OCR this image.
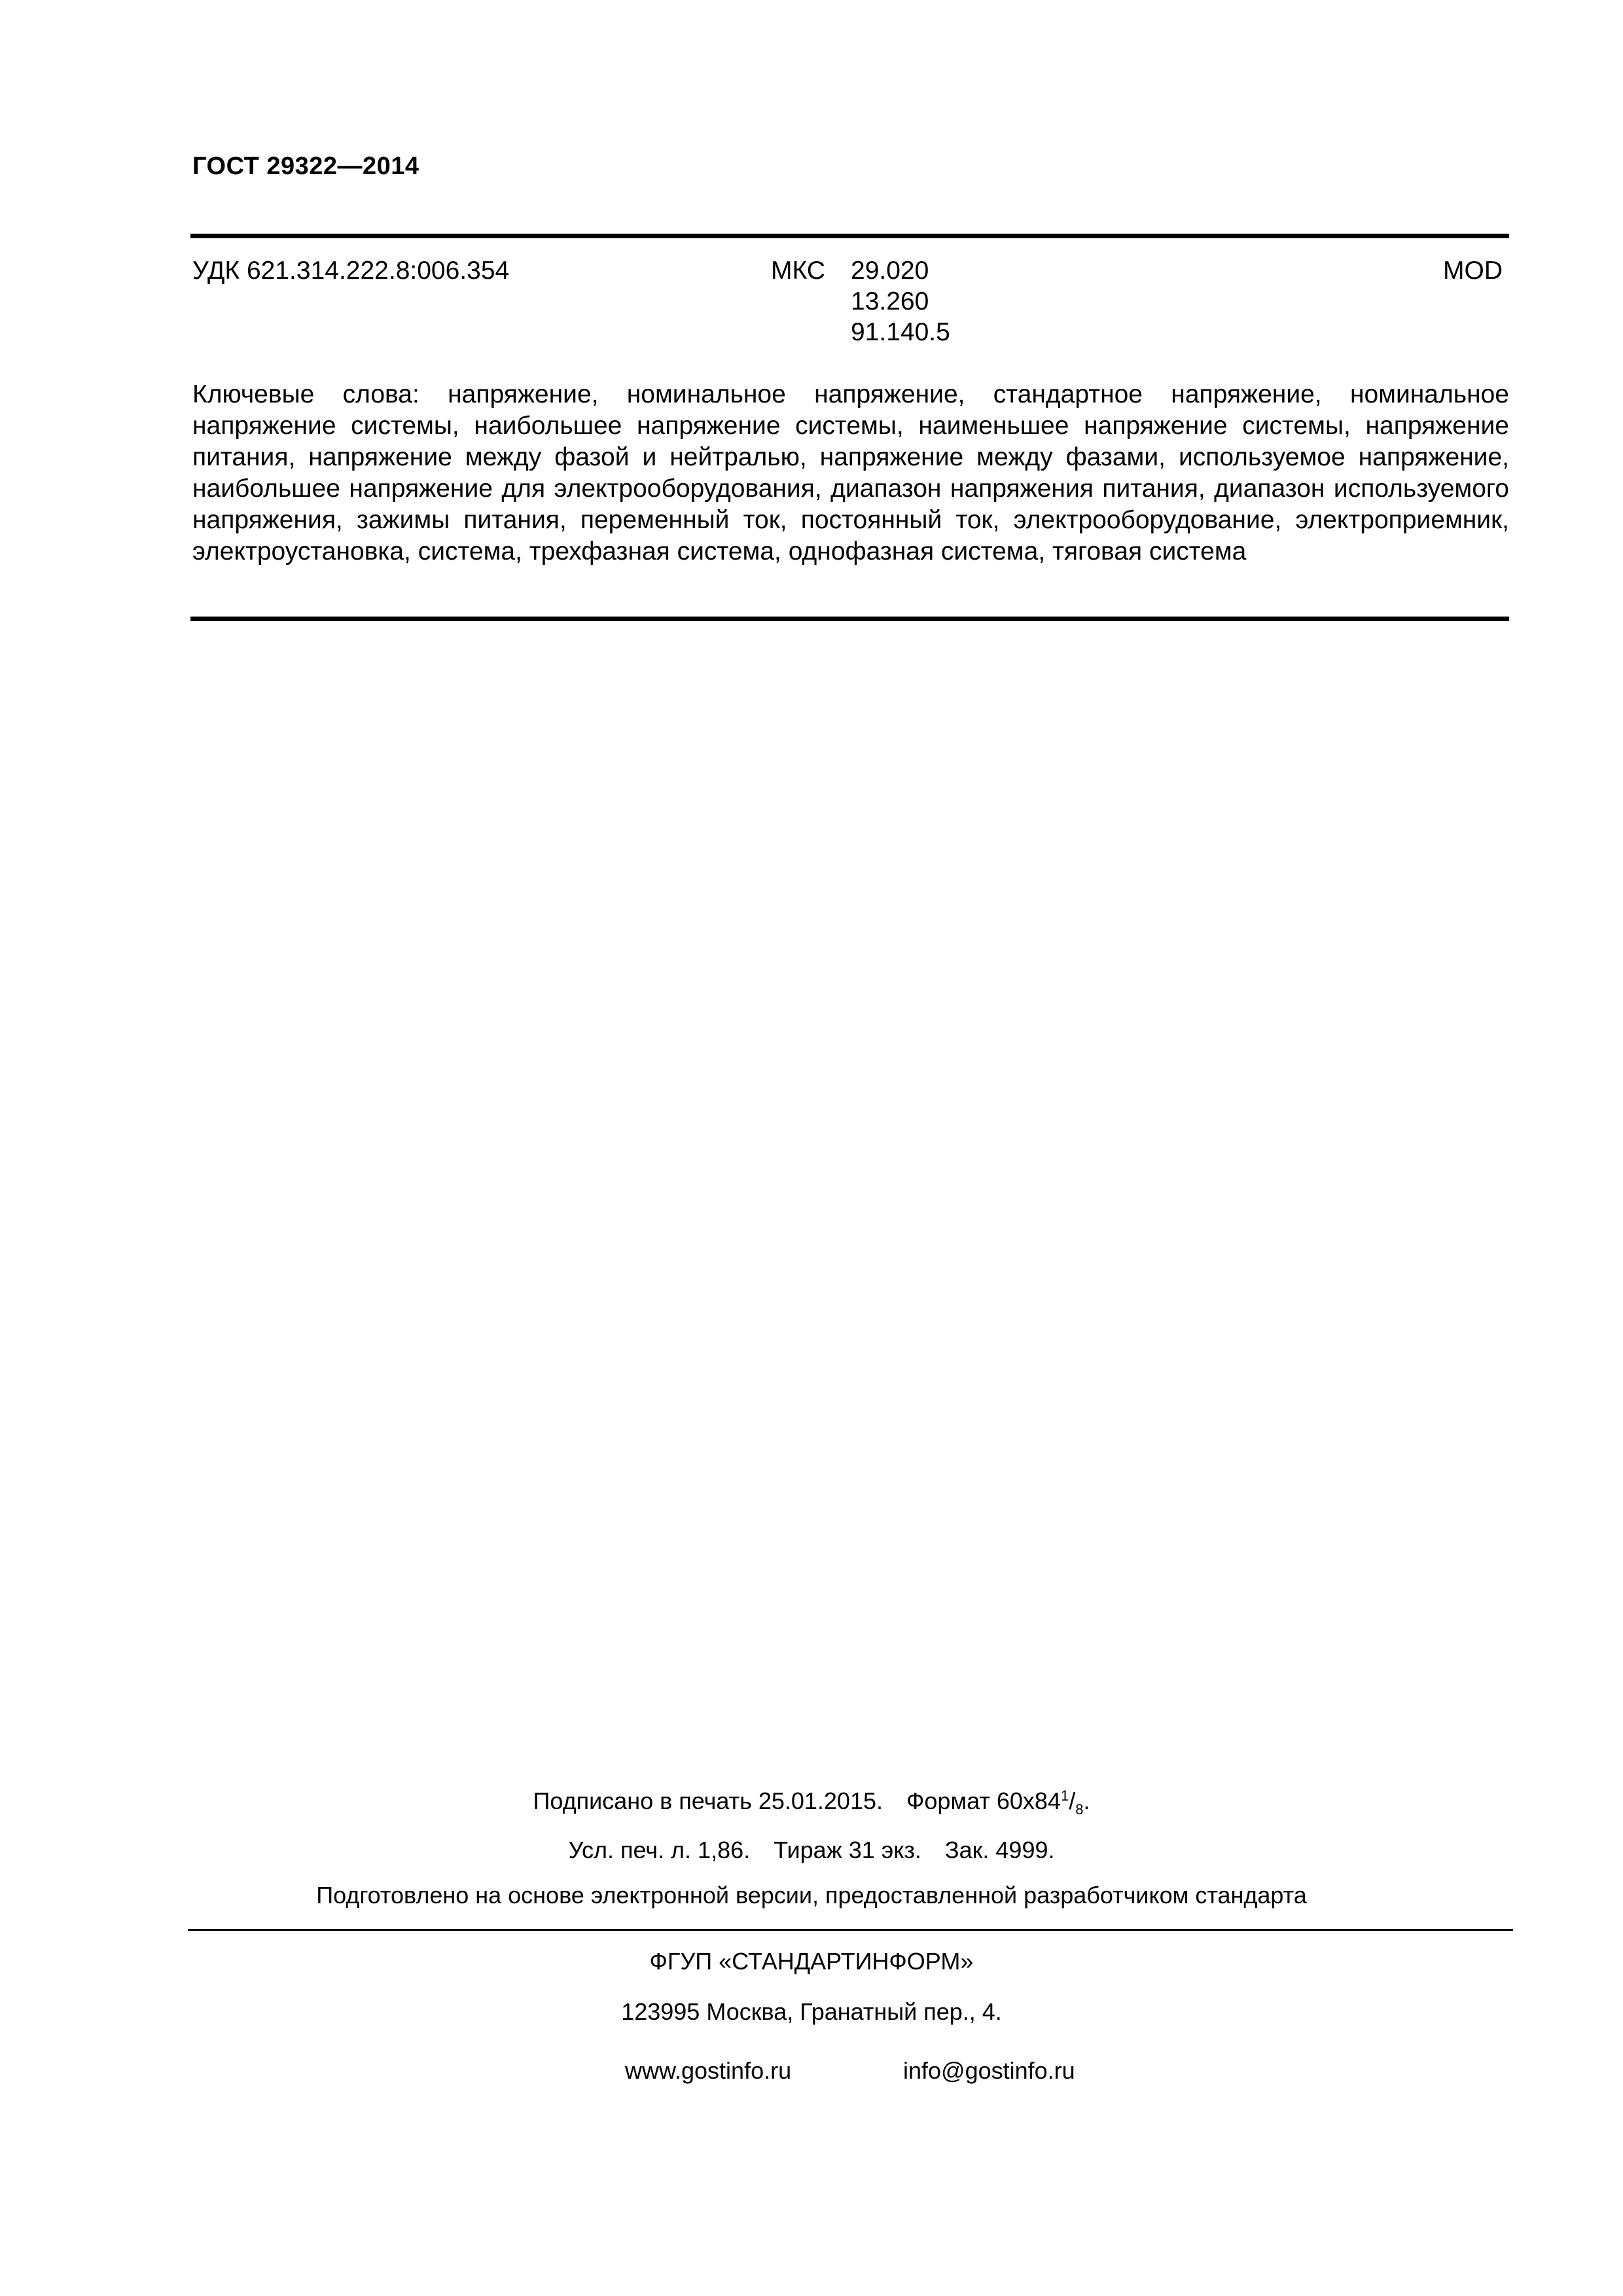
ГОСТ 29322—2014
УДК 621.314.222.8:006.354	МКС 29.020
13.260
91.140.5
MOD
Ключевые слова: напряжение, номинальное напряжение, стандартное напряжение, номинальное напряжение системы, наибольшее напряжение системы, наименьшее напряжение системы, напряжение питания, напряжение между фазой и нейтралью, напряжение между фазами, используемое напряжение, наибольшее напряжение для электрооборудования, диапазон напряжения питания, диапазон используемого напряжения, зажимы питания, переменный ток, постоянный ток, электрооборудование, электроприемник, электроустановка, система, трехфазная система, однофазная система, тяговая система
Подписано в печать 25.01.2015. Формат $60x84^1/_8$.
Усл. печ. л. 1,86. Тираж 31 экз. Зак. 4999.
Подготовлено на основе электронной версии, предоставленной разработчиком стандарта
ФГУП «СТАНДАРТИНФОРМ»
123995 Москва, Гранатный пер., 4.
www.gostinfo.ru	info@gostinfo.ru
